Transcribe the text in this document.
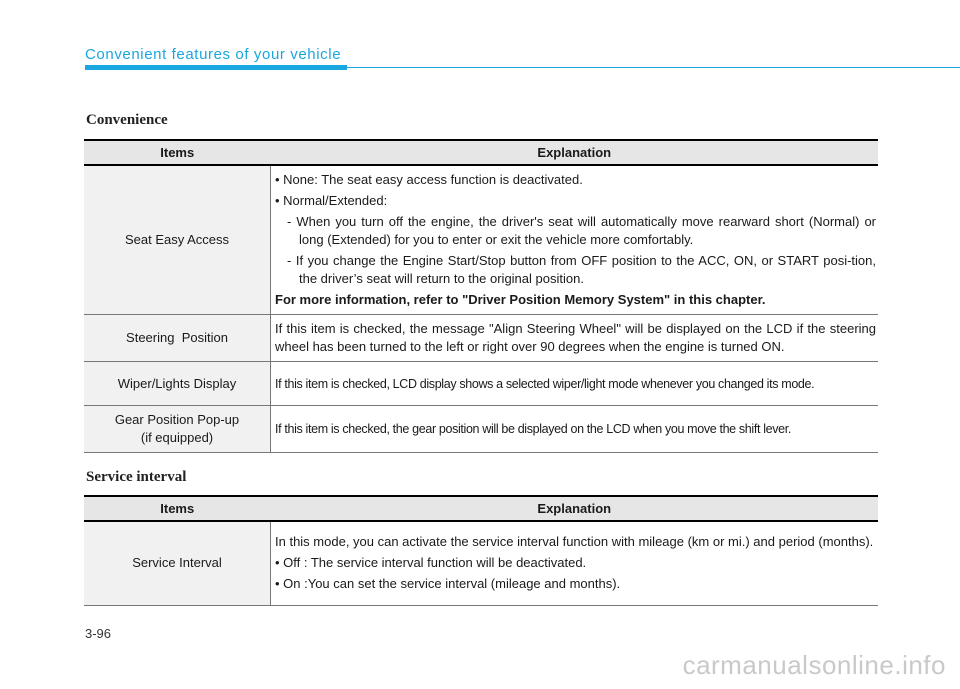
Convenient features of your vehicle
Convenience
Items	Explanation
Seat Easy Access	• None: The seat easy access function is deactivated.

• Normal/Extended:

- When you turn off the engine, the driver's seat will automatically move rearward short (Normal) or long (Extended) for you to enter or exit the vehicle more comfortably.

- If you change the Engine Start/Stop button from OFF position to the ACC, ON, or START posi-tion, the driver’s seat will return to the original position.

For more information, refer to "Driver Position Memory System" in this chapter.

Steering  Position	If this item is checked, the message "Align Steering Wheel" will be displayed on the LCD if the steering wheel has been turned to the left or right over 90 degrees when the engine is turned ON.
Wiper/Lights Display	If this item is checked, LCD display shows a selected wiper/light mode whenever you changed its mode.

Gear Position Pop-up
(if equipped)	If this item is checked, the gear position will be displayed on the LCD when you move the shift lever.
Service interval
Items	Explanation
Service Interval	In this mode, you can activate the service interval function with mileage (km or mi.) and period (months).

• Off : The service interval function will be deactivated.

• On :You can set the service interval (mileage and months).

3-96
carmanualsonline.info
